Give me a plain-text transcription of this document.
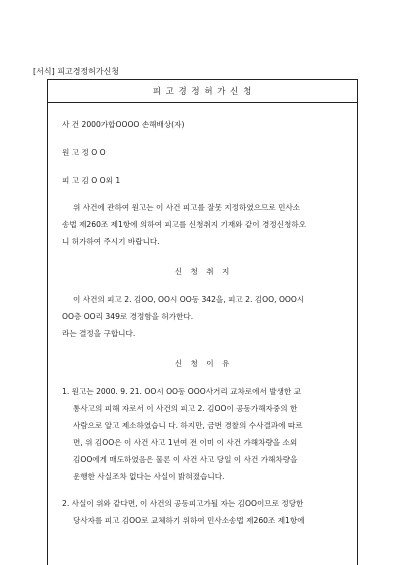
[서식] 피고경정허가신청
피 고 경 정 허 가 신 청
사 건 2000가합OOOO 손해배상(자)
원 고 정 O O
피 고 김 O O외 1
위 사건에 관하여 원고는 이 사건 피고를 잘못 지정하였으므로 민사소
송법 제260조 제1항에 의하여 피고를 신청취지 기재와 같이 경정신청하오
니 허가하여 주시기 바랍니다.
신 청 취 지
이 사건의 피고 2. 김OO, OO시 OO동 342을, 피고 2. 김OO, OOO시
OO층 OO리 349로 경정함을 허가한다.
라는 결정을 구합니다.
신 청 이 유
1. 원고는 2000. 9. 21. OO시 OO동 OOO사거리 교차로에서 발생한 교
통사고의 피해 자로서 이 사건의 피고 2. 김OO이 공동가해자중의 한
사람으로 알고 제소하였습니 다. 하지만, 금번 경찰의 수사결과에 따르
면, 위 김OO은 이 사건 사고 1년여 전 이미 이 사건 가해차량을 소외
김OO에게 매도하였음은 물론 이 사건 사고 당일 이 사건 가해차량을
운행한 사실조차 없다는 사실이 밝혀졌습니다.
2. 사실이 위와 같다면, 이 사건의 공동피고가될 자는 김OO이므로 정당한
당사자를 피고 김OO로 교체하기 위하여 민사소송법 제260조 제1항에
